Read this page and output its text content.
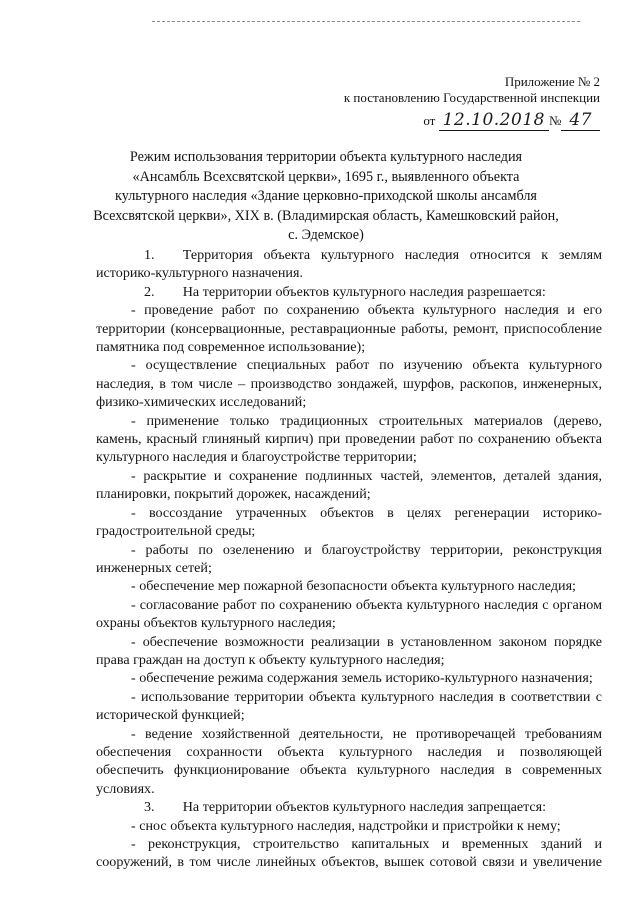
Приложение № 2
к постановлению Государственной инспекции
от 12.10.2018 № 47
Режим использования территории объекта культурного наследия
«Ансамбль Всехсвятской церкви», 1695 г., выявленного объекта
культурного наследия «Здание церковно-приходской школы ансамбля
Всехсвятской церкви», XIX в. (Владимирская область, Камешковский район,
с. Эдемское)

1.  Территория объекта культурного наследия относится к землям историко-культурного назначения.

2.  На территории объектов культурного наследия разрешается:

- проведение работ по сохранению объекта культурного наследия и его территории (консервационные, реставрационные работы, ремонт, приспособление памятника под современное использование);

- осуществление специальных работ по изучению объекта культурного наследия, в том числе – производство зондажей, шурфов, раскопов, инженерных, физико-химических исследований;

- применение только традиционных строительных материалов (дерево, камень, красный глиняный кирпич) при проведении работ по сохранению объекта культурного наследия и благоустройстве территории;

- раскрытие и сохранение подлинных частей, элементов, деталей здания, планировки, покрытий дорожек, насаждений;

- воссоздание утраченных объектов в целях регенерации историко-градостроительной среды;

- работы по озеленению и благоустройству территории, реконструкция инженерных сетей;

- обеспечение мер пожарной безопасности объекта культурного наследия;

- согласование работ по сохранению объекта культурного наследия с органом охраны объектов культурного наследия;

- обеспечение возможности реализации в установленном законом порядке права граждан на доступ к объекту культурного наследия;

- обеспечение режима содержания земель историко-культурного назначения;

- использование территории объекта культурного наследия в соответствии с исторической функцией;

- ведение хозяйственной деятельности, не противоречащей требованиям обеспечения сохранности объекта культурного наследия и позволяющей обеспечить функционирование объекта культурного наследия в современных условиях.

3.  На территории объектов культурного наследия запрещается:

- снос объекта культурного наследия, надстройки и пристройки к нему;

- реконструкция, строительство капитальных и временных зданий и сооружений, в том числе линейных объектов, вышек сотовой связи и увеличение
